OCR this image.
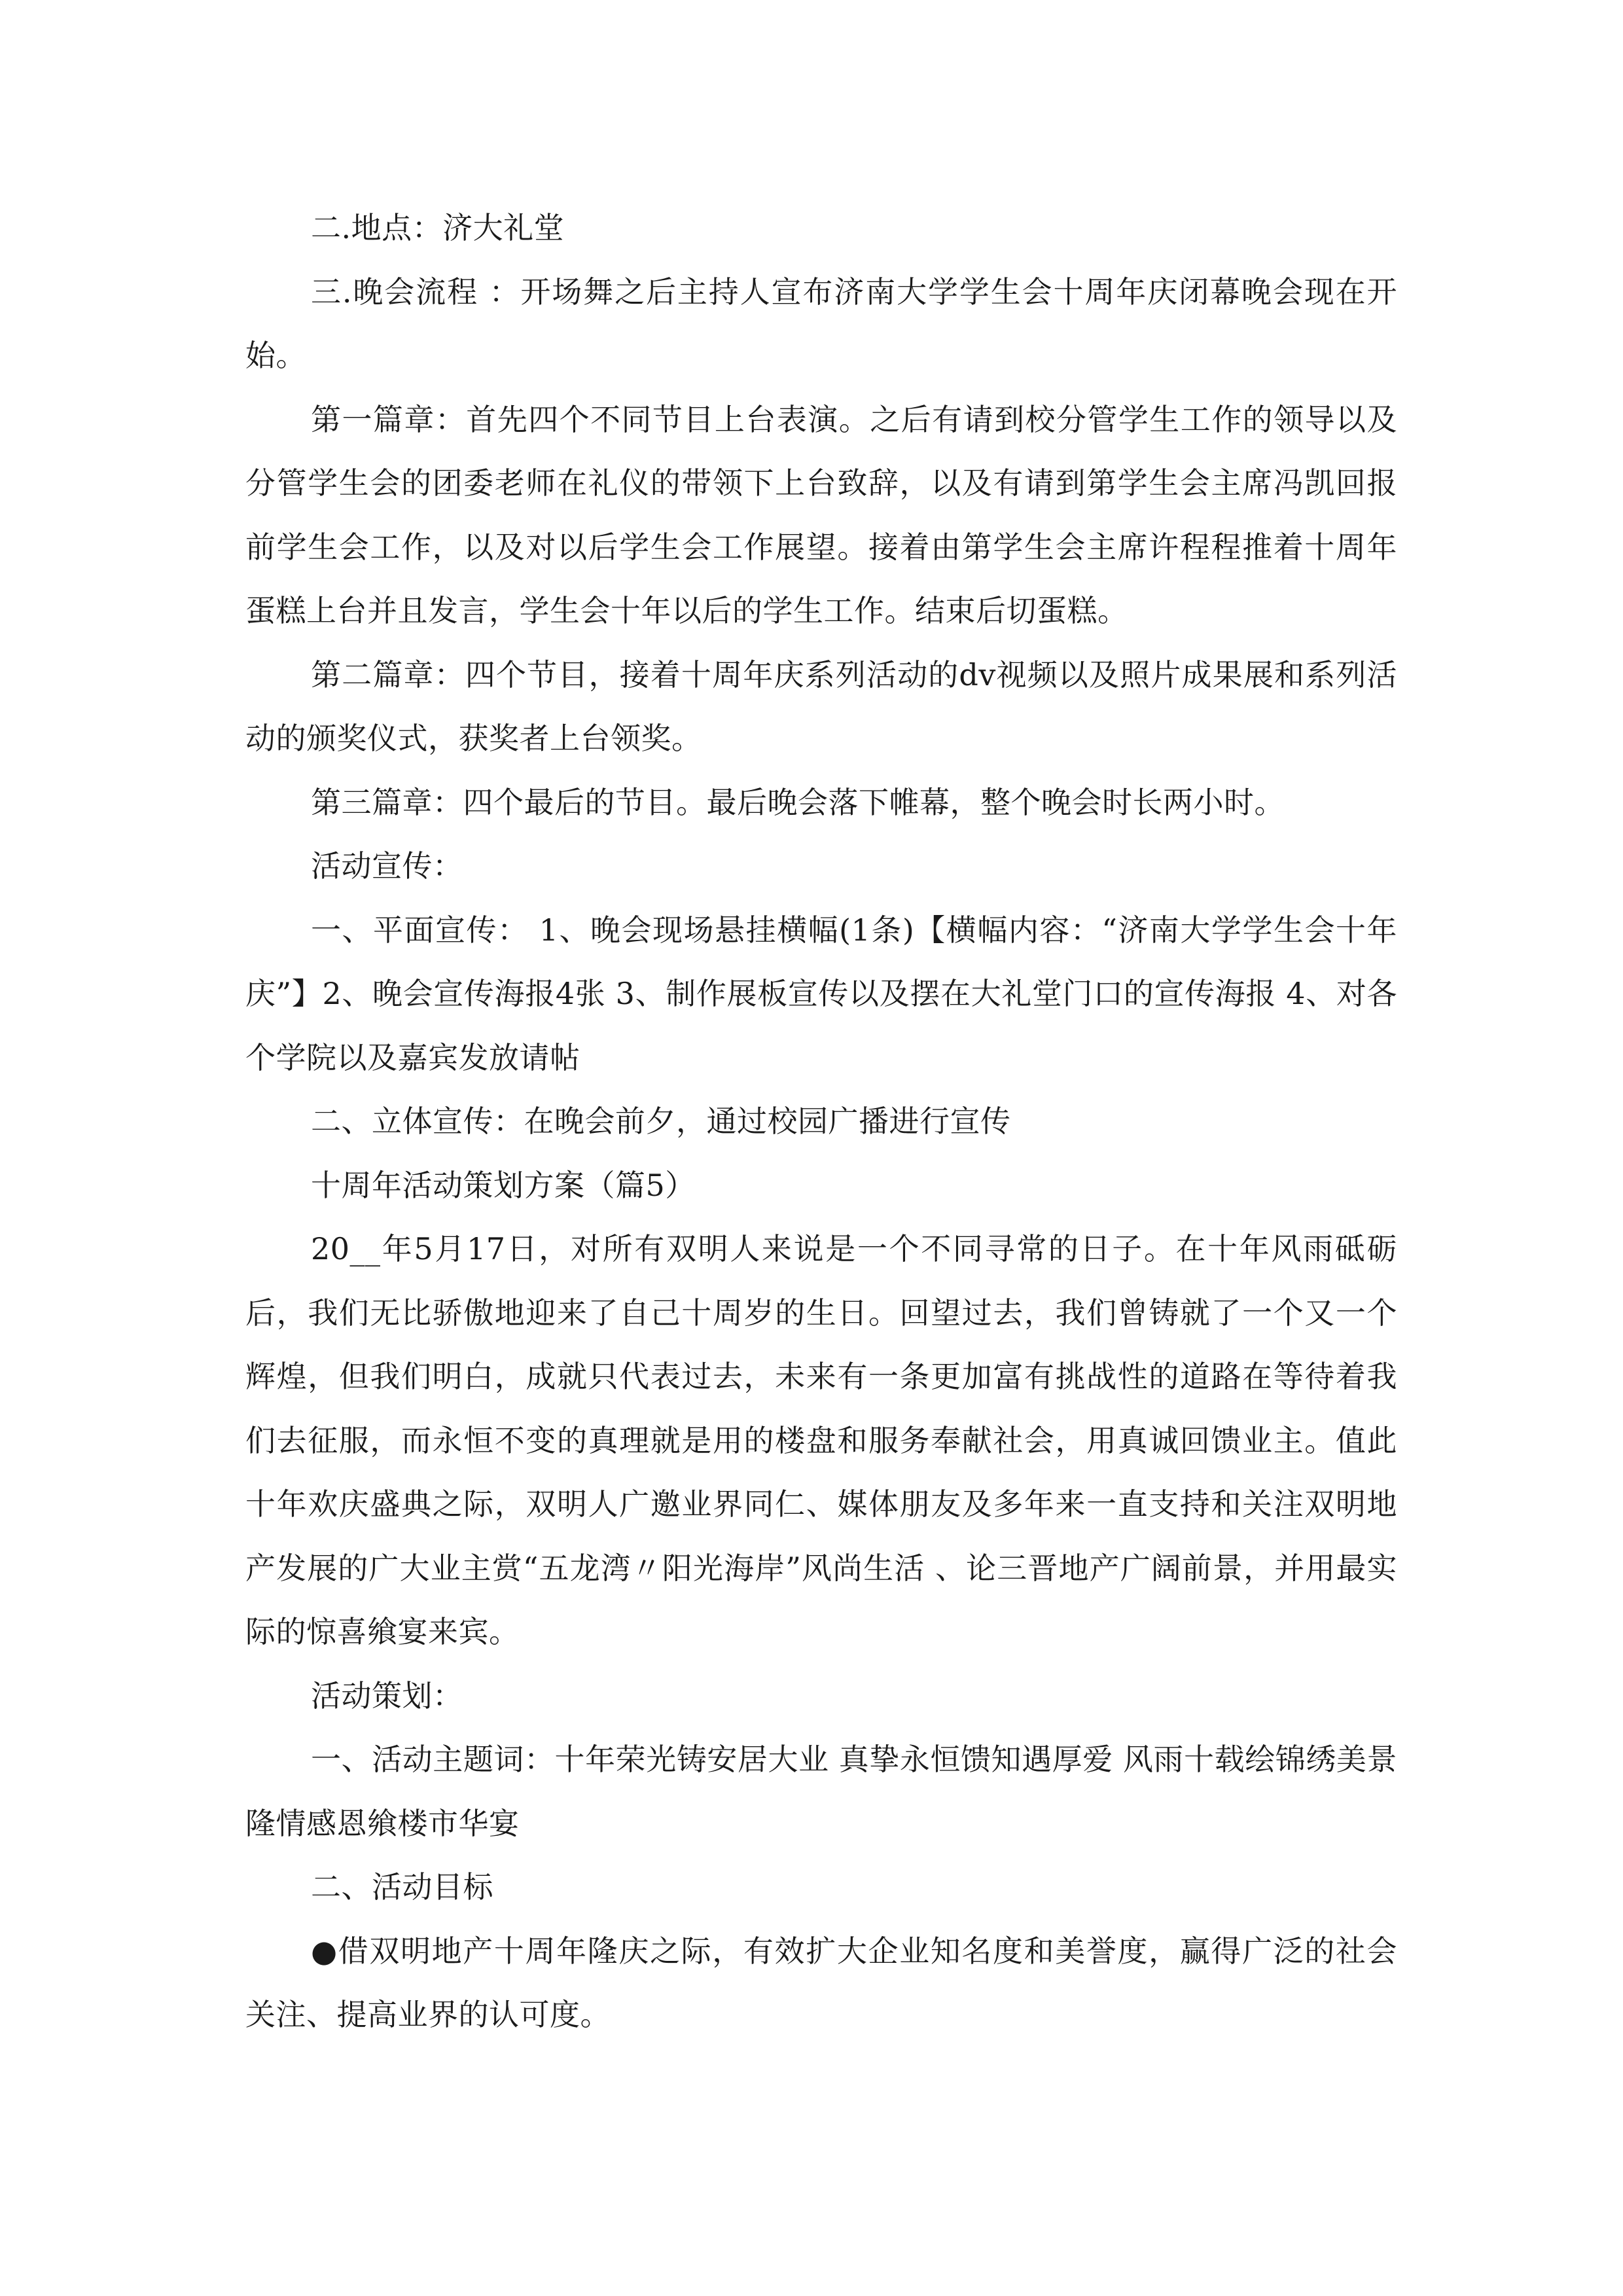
二.地点：济大礼堂

三.晚会流程 ：开场舞之后主持人宣布济南大学学生会十周年庆闭幕晚会现在开始。

第一篇章：首先四个不同节目上台表演。之后有请到校分管学生工作的领导以及分管学生会的团委老师在礼仪的带领下上台致辞，以及有请到第学生会主席冯凯回报前学生会工作，以及对以后学生会工作展望。接着由第学生会主席许程程推着十周年蛋糕上台并且发言，学生会十年以后的学生工作。结束后切蛋糕。

第二篇章：四个节目，接着十周年庆系列活动的dv视频以及照片成果展和系列活动的颁奖仪式，获奖者上台领奖。

第三篇章：四个最后的节目。最后晚会落下帷幕，整个晚会时长两小时。

活动宣传：

一、平面宣传： 1、晚会现场悬挂横幅(1条)【横幅内容：“济南大学学生会十年庆”】2、晚会宣传海报4张 3、制作展板宣传以及摆在大礼堂门口的宣传海报 4、对各个学院以及嘉宾发放请帖

二、立体宣传：在晚会前夕，通过校园广播进行宣传

十周年活动策划方案（篇5）

20__年5月17日，对所有双明人来说是一个不同寻常的日子。在十年风雨砥砺后，我们无比骄傲地迎来了自己十周岁的生日。回望过去，我们曾铸就了一个又一个辉煌，但我们明白，成就只代表过去，未来有一条更加富有挑战性的道路在等待着我们去征服，而永恒不变的真理就是用的楼盘和服务奉献社会，用真诚回馈业主。值此十年欢庆盛典之际，双明人广邀业界同仁、媒体朋友及多年来一直支持和关注双明地产发展的广大业主赏“五龙湾〃阳光海岸”风尚生活 、论三晋地产广阔前景，并用最实际的惊喜飨宴来宾。

活动策划：

一、活动主题词：十年荣光铸安居大业 真挚永恒馈知遇厚爱 风雨十载绘锦绣美景 隆情感恩飨楼市华宴

二、活动目标

●借双明地产十周年隆庆之际，有效扩大企业知名度和美誉度，赢得广泛的社会关注、提高业界的认可度。
